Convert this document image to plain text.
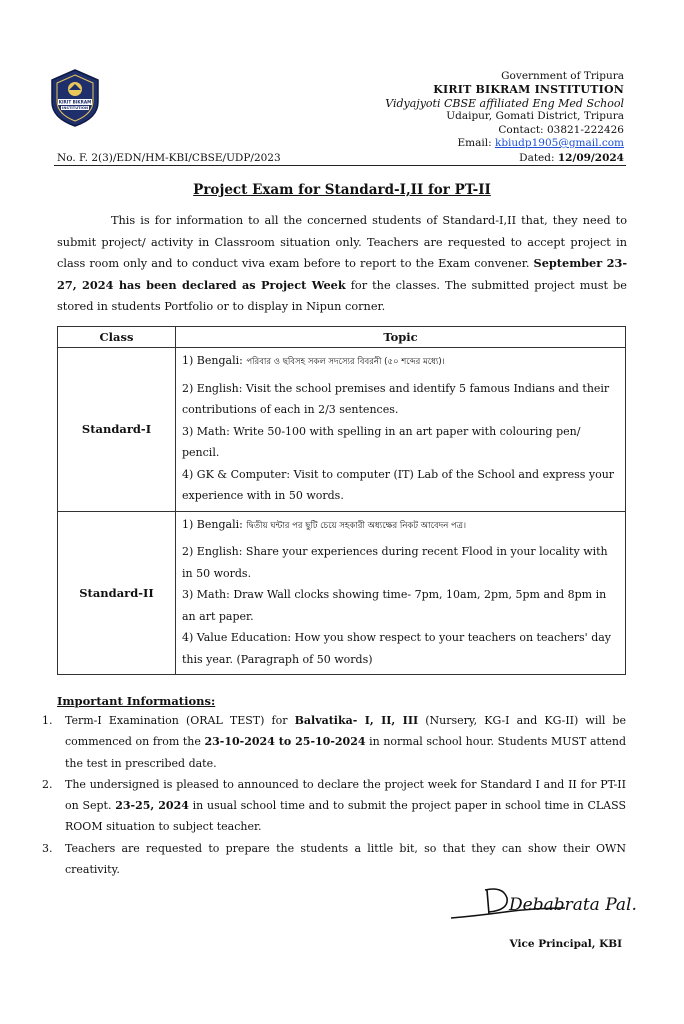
KIRIT BIKRAM
INSTITUTION
Government of Tripura
KIRIT BIKRAM INSTITUTION
Vidyajyoti CBSE affiliated Eng Med School
Udaipur, Gomati District, Tripura
Contact: 03821-222426
Email: kbiudp1905@gmail.com
No. F. 2(3)/EDN/HM-KBI/CBSE/UDP/2023	Dated: 12/09/2024
Project Exam for Standard-I,II for PT-II
This is for information to all the concerned students of Standard-I,II that, they need to submit project/ activity in Classroom situation only. Teachers are requested to accept project in class room only and to conduct viva exam before to report to the Exam convener. September 23-27, 2024 has been declared as Project Week for the classes. The submitted project must be stored in students Portfolio or to display in Nipun corner.
Class	Topic
Standard-I	1) Bengali: পরিবার ও ছবিসহ সকল সদস্যের বিবরনী (৫০ শব্দের মধ্যে)।
2) English: Visit the school premises and identify 5 famous Indians and their contributions of each in 2/3 sentences.
3) Math: Write 50-100 with spelling in an art paper with colouring pen/ pencil.
4) GK & Computer: Visit to computer (IT) Lab of the School and express your experience with in 50 words.

Standard-II	1) Bengali: দ্বিতীয় ঘন্টার পর ছুটি চেয়ে সহকারী অধ্যক্ষের নিকট আবেদন পত্র।
2) English: Share your experiences during recent Flood in your locality with in 50 words.
3) Math: Draw Wall clocks showing time- 7pm, 10am, 2pm, 5pm and 8pm in an art paper.
4) Value Education: How you show respect to your teachers on teachers' day this year. (Paragraph of 50 words)
Important Informations:
1. Term-I Examination (ORAL TEST) for Balvatika- I, II, III (Nursery, KG-I and KG-II) will be commenced on from the 23-10-2024 to 25-10-2024 in normal school hour. Students MUST attend the test in prescribed date.
2. The undersigned is pleased to announced to declare the project week for Standard I and II for PT-II on Sept. 23-25, 2024 in usual school time and to submit the project paper in school time in CLASS ROOM situation to subject teacher.
3. Teachers are requested to prepare the students a little bit, so that they can show their OWN creativity.
Debabrata Pal.
Vice Principal, KBI
